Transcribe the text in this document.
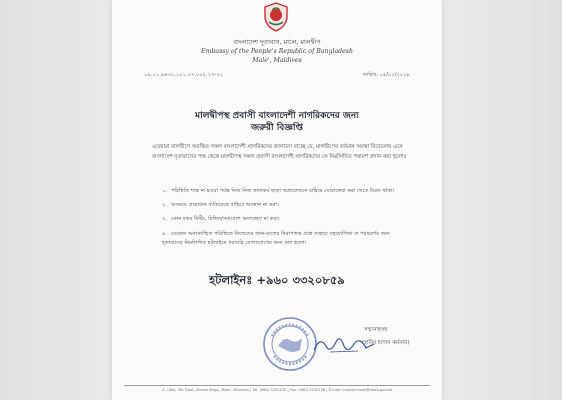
বাংলাদেশ দূতাবাস, মালে, মালদ্বীপ
Embassy of the People's Republic of Bangladesh
Male', Maldives
১৯.০১.৯৬৩১.১০১.০৭.০০২.১৭-২২	তারিখ: ০৫/০২/২০১৮
মালদ্বীপস্থ প্রবাসী বাংলাদেশী নাগরিকদের জন্য
জরুরী বিজ্ঞপ্তি
এতদ্বারা মালদ্বীপে অবস্থিত সকল বাংলাদেশী নাগরিকদের জানানো যাচ্ছে যে, মালদ্বীপের বর্তমান অবস্থা বিবেচনায় এনে বাংলাদেশ দূতাবাসের পক্ষ থেকে মালদ্বীপস্থ সকল প্রবাসী বাংলাদেশী নাগরিকদের কে নিম্নলিখিত পরামর্শ প্রদান করা হলোঃ
১. পরিস্থিতি শান্ত না হওয়া পর্যন্ত নিজ নিজ কাজকর্ম ছাড়া অপ্রয়োজনে বাহিরে ঘোরাফেরা করা থেকে বিরত থাকা।
২. অসময়ে প্রয়োজন ব্যতিরেকে বাহিরে অবস্থান না করা।
৩. কোন রকম মিটিং, মিছিল/সমাবেশে অংশগ্রহণ না করা।
৪. যেকোন অনাকাঙ্খিত পরিস্থিতে নিজেদের জান-মালের নিরাপত্তার প্রশ্নে সাহায্য সহযোগিতা বা পরামর্শের জন্য দূতাবাসের নিম্নলিখিত হটলাইনে সরাসরি যোগাযোগের জন্য বলা হলো।
হটলাইনঃ +৯৬০ ৩৩২০৮৫৯
সন্মানাহসহ
(হাবিব হাসান কর্মকার)
G. Ufaa, 5th Floor, Alimas Magu, Male', Maldives | Tel: (960) 3332135 | Fax: (960) 3332136 | E-mail: mission.male@mofa.gov.bd
